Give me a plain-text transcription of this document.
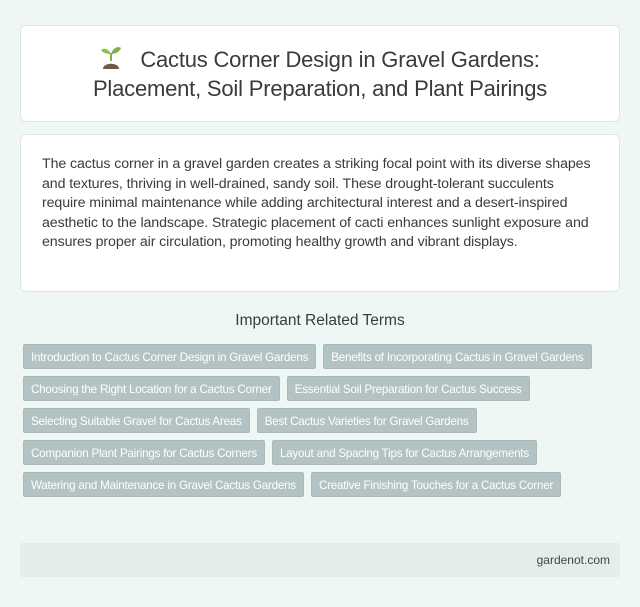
Cactus Corner Design in Gravel Gardens:
Placement, Soil Preparation, and Plant Pairings

The cactus corner in a gravel garden creates a striking focal point with its diverse shapes and textures, thriving in well-drained, sandy soil. These drought-tolerant succulents require minimal maintenance while adding architectural interest and a desert-inspired aesthetic to the landscape. Strategic placement of cacti enhances sunlight exposure and ensures proper air circulation, promoting healthy growth and vibrant displays.

Important Related Terms
Introduction to Cactus Corner Design in Gravel Gardens	Benefits of Incorporating Cactus in Gravel Gardens
Choosing the Right Location for a Cactus Corner	Essential Soil Preparation for Cactus Success
Selecting Suitable Gravel for Cactus Areas	Best Cactus Varieties for Gravel Gardens
Companion Plant Pairings for Cactus Corners	Layout and Spacing Tips for Cactus Arrangements
Watering and Maintenance in Gravel Cactus Gardens	Creative Finishing Touches for a Cactus Corner
gardenot.com
